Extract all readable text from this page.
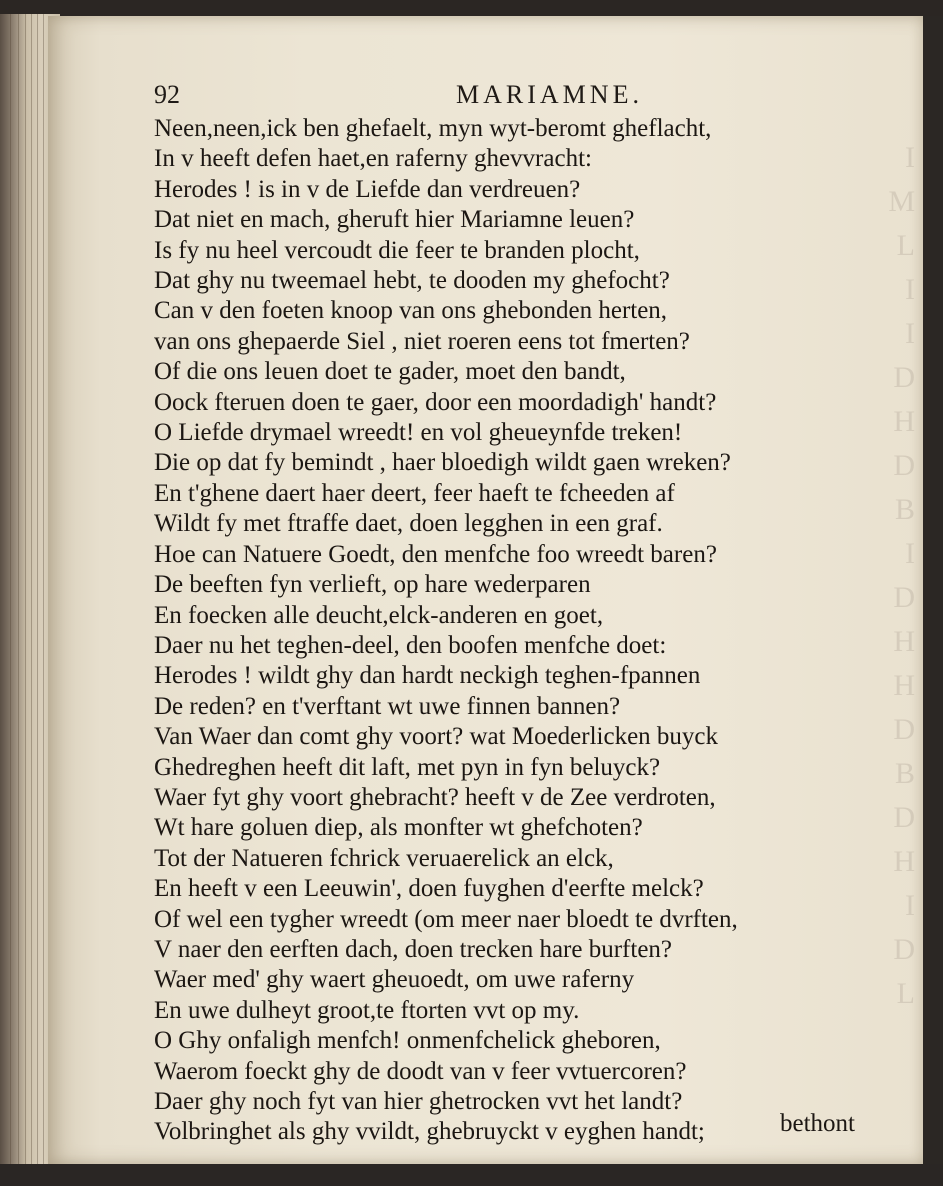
I
M
L
I
I
D
H
D
B
I
D
H
H
D
B
D
H
I
D
L
92	MARIAMNE.
Neen,neen,ick ben ghefaelt, myn wyt-beromt gheflacht,
In v heeft defen haet,en raferny ghevvracht:
Herodes ! is in v de Liefde dan verdreuen?
Dat niet en mach, gheruft hier Mariamne leuen?
Is fy nu heel vercoudt die feer te branden plocht,
Dat ghy nu tweemael hebt, te dooden my ghefocht?
Can v den foeten knoop van ons ghebonden herten,
van ons ghepaerde Siel , niet roeren eens tot fmerten?
Of die ons leuen doet te gader, moet den bandt,
Oock fteruen doen te gaer, door een moordadigh' handt?
O Liefde drymael wreedt! en vol gheueynfde treken!
Die op dat fy bemindt , haer bloedigh wildt gaen wreken?
En t'ghene daert haer deert, feer haeft te fcheeden af
Wildt fy met ftraffe daet, doen legghen in een graf.
Hoe can Natuere Goedt, den menfche foo wreedt baren?
De beeften fyn verlieft, op hare wederparen
En foecken alle deucht,elck-anderen en goet,
Daer nu het teghen-deel, den boofen menfche doet:
Herodes ! wildt ghy dan hardt neckigh teghen-fpannen
De reden? en t'verftant wt uwe finnen bannen?
Van Waer dan comt ghy voort? wat Moederlicken buyck
Ghedreghen heeft dit laft, met pyn in fyn beluyck?
Waer fyt ghy voort ghebracht? heeft v de Zee verdroten,
Wt hare goluen diep, als monfter wt ghefchoten?
Tot der Natueren fchrick veruaerelick an elck,
En heeft v een Leeuwin', doen fuyghen d'eerfte melck?
Of wel een tygher wreedt (om meer naer bloedt te dvrften,
V naer den eerften dach, doen trecken hare burften?
Waer med' ghy waert gheuoedt, om uwe raferny
En uwe dulheyt groot,te ftorten vvt op my.
O Ghy onfaligh menfch! onmenfchelick gheboren,
Waerom foeckt ghy de doodt van v feer vvtuercoren?
Daer ghy noch fyt van hier ghetrocken vvt het landt?
Volbringhet als ghy vvildt, ghebruyckt v eyghen handt;	bethont
